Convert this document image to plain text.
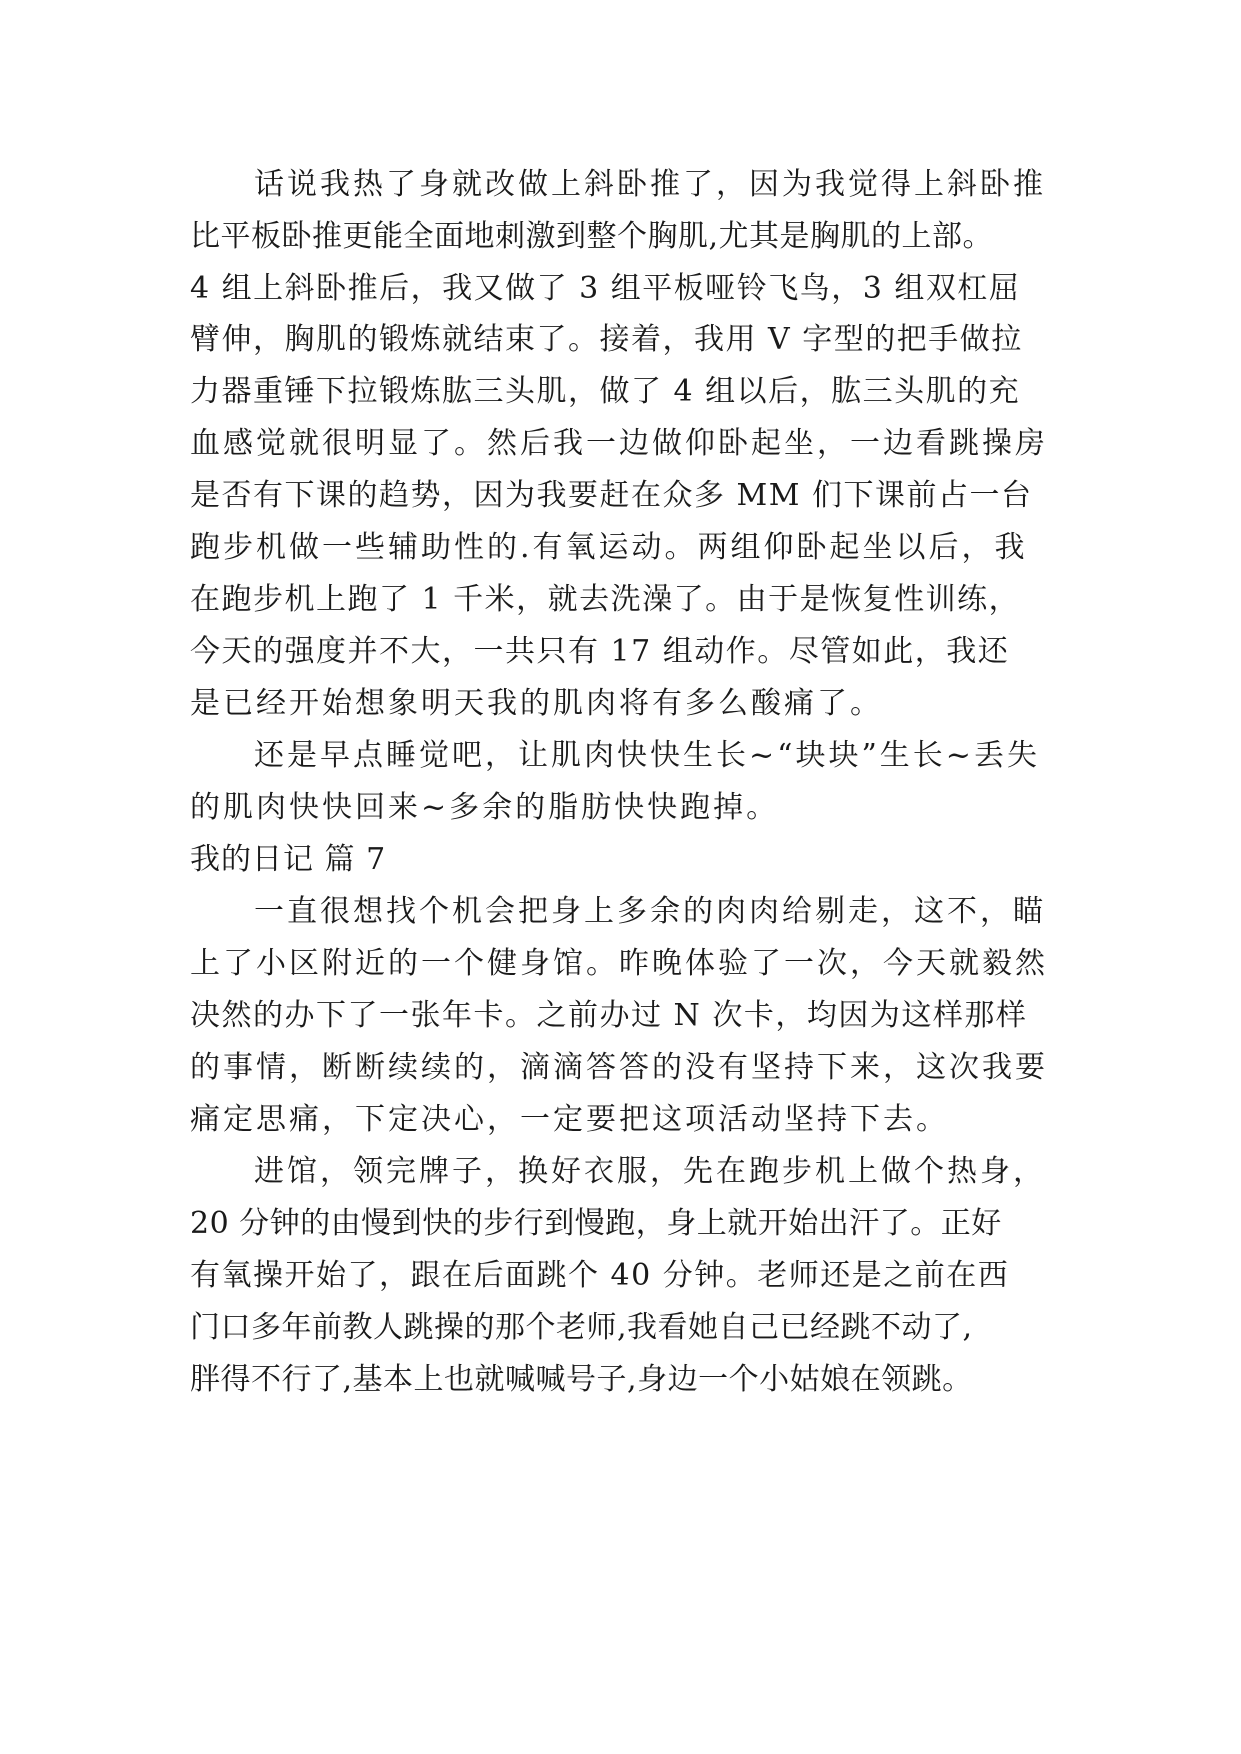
话说我热了身就改做上斜卧推了，因为我觉得上斜卧推
比平板卧推更能全面地刺激到整个胸肌,尤其是胸肌的上部。
4 组上斜卧推后，我又做了 3 组平板哑铃飞鸟，3 组双杠屈
臂伸，胸肌的锻炼就结束了。接着，我用 V 字型的把手做拉
力器重锤下拉锻炼肱三头肌，做了 4 组以后，肱三头肌的充
血感觉就很明显了。然后我一边做仰卧起坐，一边看跳操房
是否有下课的趋势，因为我要赶在众多 MM 们下课前占一台
跑步机做一些辅助性的.有氧运动。两组仰卧起坐以后，我
在跑步机上跑了 1 千米，就去洗澡了。由于是恢复性训练，
今天的强度并不大，一共只有 17 组动作。尽管如此，我还
是已经开始想象明天我的肌肉将有多么酸痛了。
还是早点睡觉吧，让肌肉快快生长~“块块”生长~丢失
的肌肉快快回来~多余的脂肪快快跑掉。
我的日记 篇 7
一直很想找个机会把身上多余的肉肉给剔走，这不，瞄
上了小区附近的一个健身馆。昨晚体验了一次，今天就毅然
决然的办下了一张年卡。之前办过 N 次卡，均因为这样那样
的事情，断断续续的，滴滴答答的没有坚持下来，这次我要
痛定思痛，下定决心，一定要把这项活动坚持下去。
进馆，领完牌子，换好衣服，先在跑步机上做个热身，
20 分钟的由慢到快的步行到慢跑，身上就开始出汗了。正好
有氧操开始了，跟在后面跳个 40 分钟。老师还是之前在西
门口多年前教人跳操的那个老师,我看她自己已经跳不动了,
胖得不行了,基本上也就喊喊号子,身边一个小姑娘在领跳。
